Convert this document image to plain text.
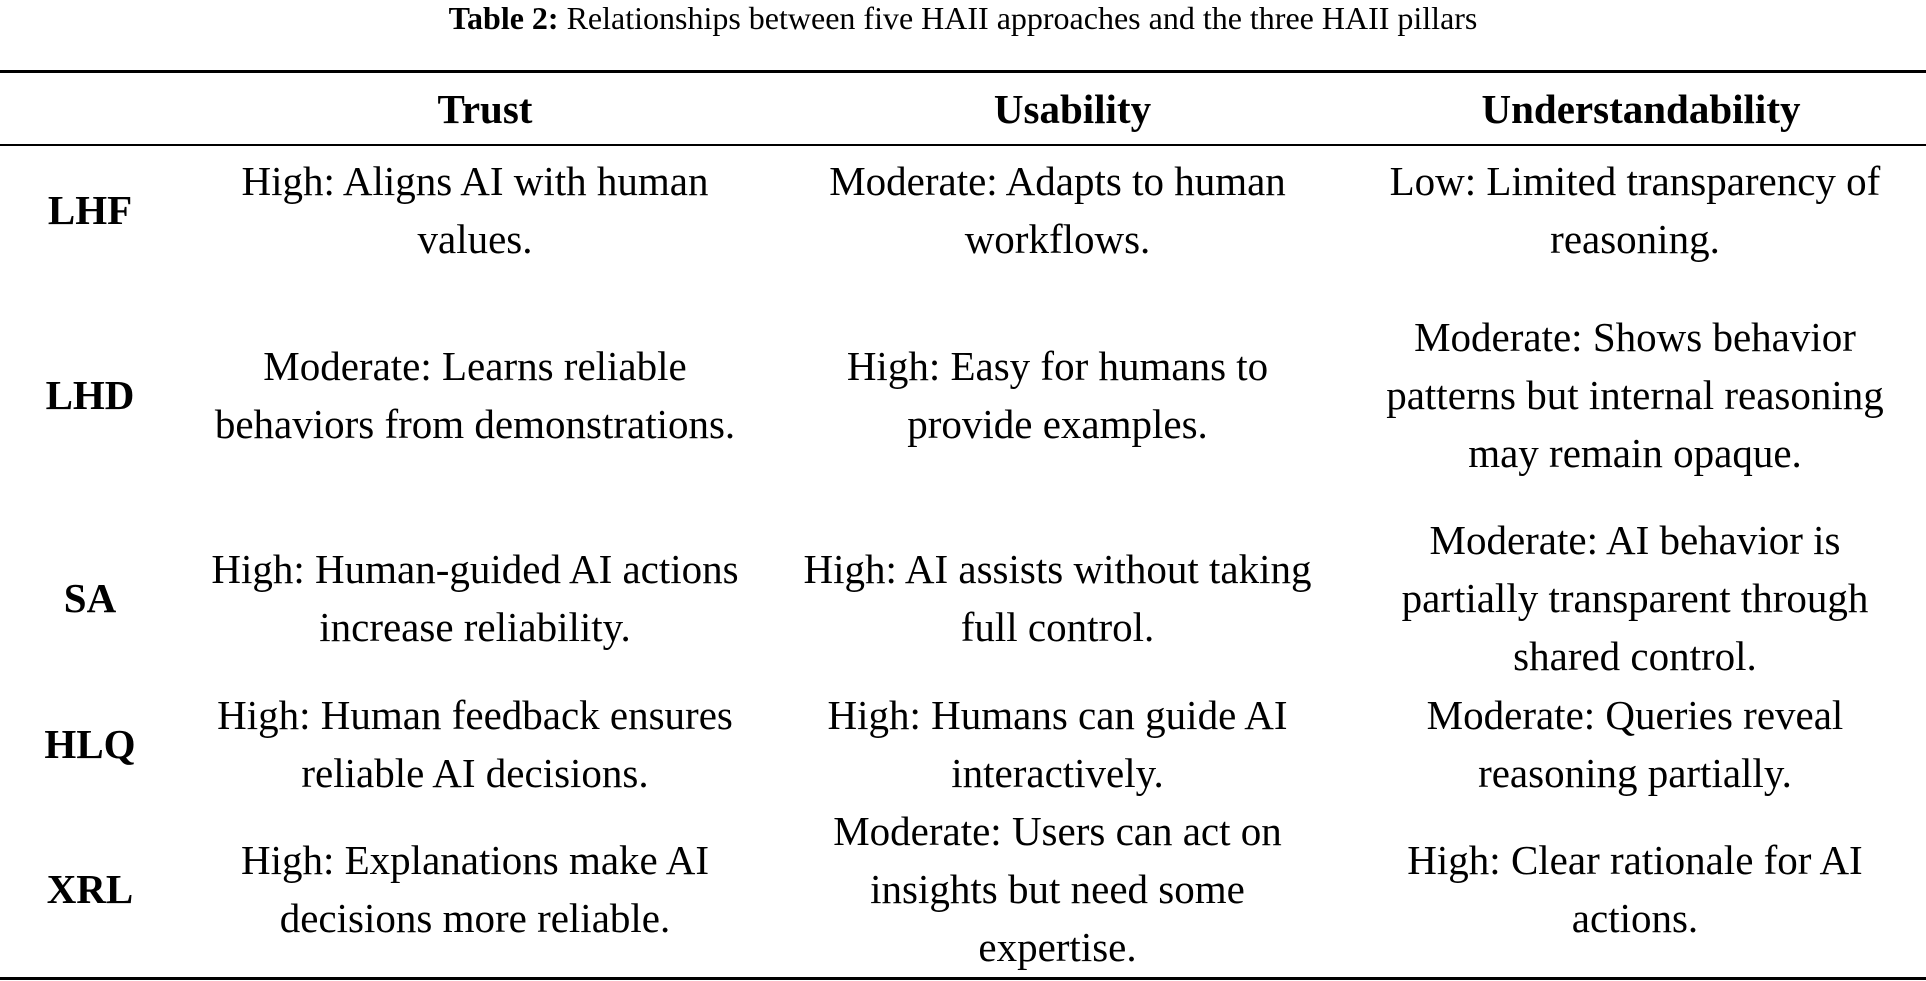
Table 2: Relationships between five HAII approaches and the three HAII pillars
Trust	Usability	Understandability
LHF
High: Aligns AI with human values.
Moderate: Adapts to human workflows.
Low: Limited transparency of reasoning.
LHD
Moderate: Learns reliable behaviors from demonstrations.
High: Easy for humans to provide examples.
Moderate: Shows behavior patterns but internal reasoning may remain opaque.
SA
High: Human-guided AI actions increase reliability.
High: AI assists without taking full control.
Moderate: AI behavior is partially transparent through shared control.
HLQ
High: Human feedback ensures reliable AI decisions.
High: Humans can guide AI interactively.
Moderate: Queries reveal reasoning partially.
XRL
High: Explanations make AI decisions more reliable.
Moderate: Users can act on insights but need some expertise.
High: Clear rationale for AI actions.
